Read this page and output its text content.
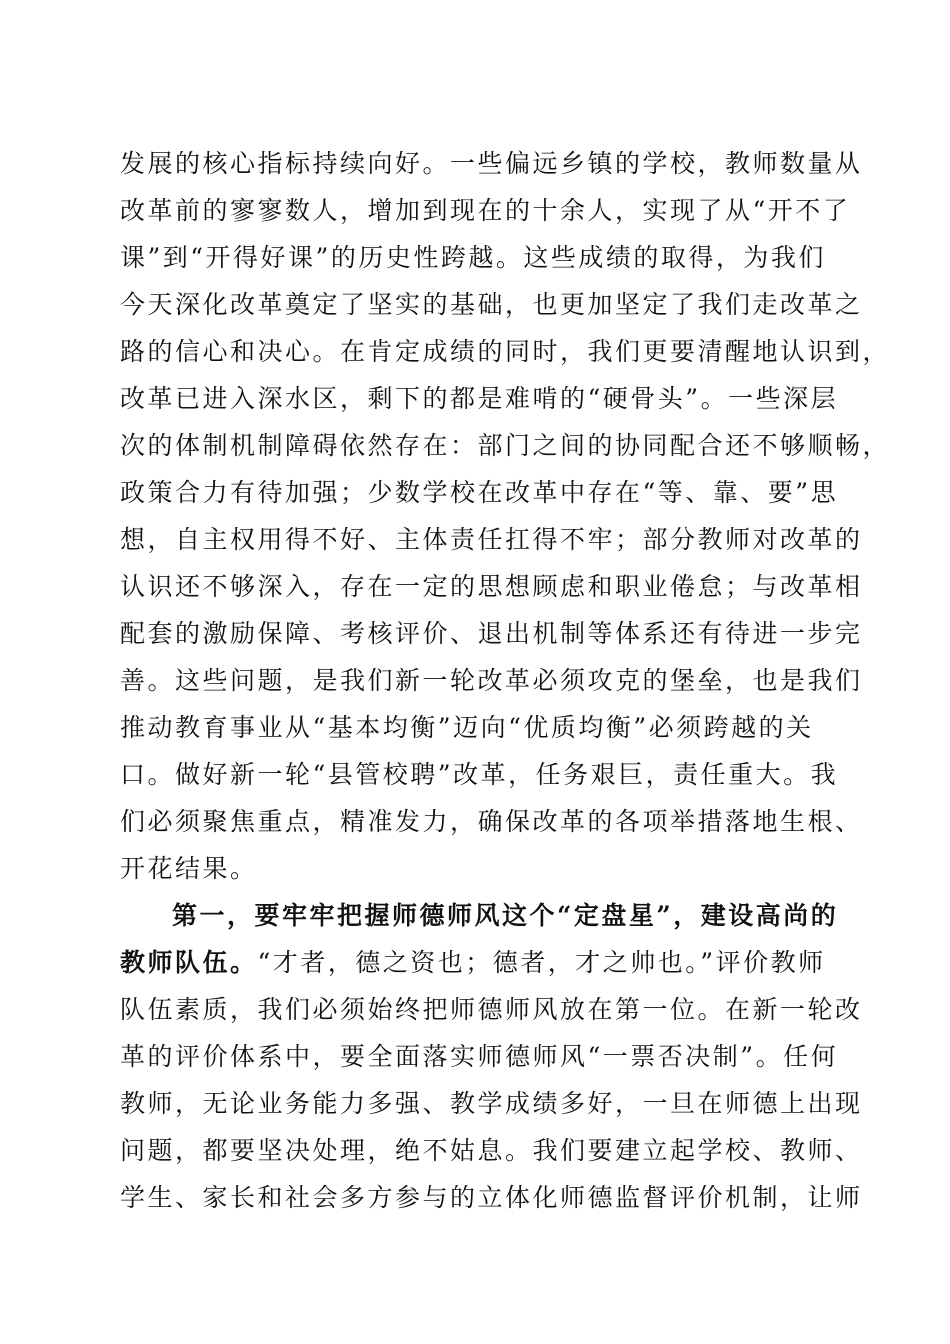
发展的核心指标持续向好。一些偏远乡镇的学校，教师数量从
改革前的寥寥数人，增加到现在的十余人，实现了从“开不了
课”到“开得好课”的历史性跨越。这些成绩的取得，为我们
今天深化改革奠定了坚实的基础，也更加坚定了我们走改革之
路的信心和决心。在肯定成绩的同时，我们更要清醒地认识到，
改革已进入深水区，剩下的都是难啃的“硬骨头”。一些深层
次的体制机制障碍依然存在：部门之间的协同配合还不够顺畅，
政策合力有待加强；少数学校在改革中存在“等、靠、要”思
想，自主权用得不好、主体责任扛得不牢；部分教师对改革的
认识还不够深入，存在一定的思想顾虑和职业倦怠；与改革相
配套的激励保障、考核评价、退出机制等体系还有待进一步完
善。这些问题，是我们新一轮改革必须攻克的堡垒，也是我们
推动教育事业从“基本均衡”迈向“优质均衡”必须跨越的关
口。做好新一轮“县管校聘”改革，任务艰巨，责任重大。我
们必须聚焦重点，精准发力，确保改革的各项举措落地生根、
开花结果。
第一，要牢牢把握师德师风这个“定盘星”，建设高尚的
教师队伍。“才者，德之资也；德者，才之帅也。”评价教师
队伍素质，我们必须始终把师德师风放在第一位。在新一轮改
革的评价体系中，要全面落实师德师风“一票否决制”。任何
教师，无论业务能力多强、教学成绩多好，一旦在师德上出现
问题，都要坚决处理，绝不姑息。我们要建立起学校、教师、
学生、家长和社会多方参与的立体化师德监督评价机制，让师
